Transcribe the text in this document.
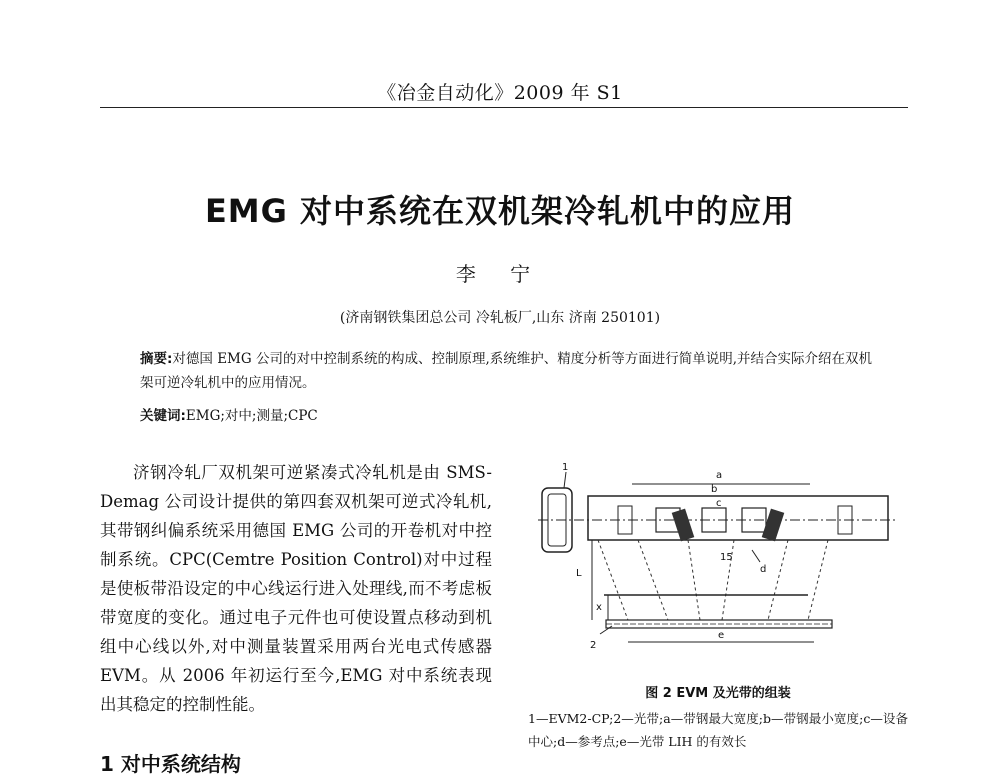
《冶金自动化》2009 年 S1
EMG 对中系统在双机架冷轧机中的应用
李 宁
(济南钢铁集团总公司 冷轧板厂,山东 济南 250101)
摘要:对德国 EMG 公司的对中控制系统的构成、控制原理,系统维护、精度分析等方面进行简单说明,并结合实际介绍在双机架可逆冷轧机中的应用情况。
关键词:EMG;对中;测量;CPC

济钢冷轧厂双机架可逆紧凑式冷轧机是由 SMS-Demag 公司设计提供的第四套双机架可逆式冷轧机,其带钢纠偏系统采用德国 EMG 公司的开卷机对中控制系统。CPC(Cemtre Position Control)对中过程是使板带沿设定的中心线运行进入处理线,而不考虑板带宽度的变化。通过电子元件也可使设置点移动到机组中心线以外,对中测量装置采用两台光电式传感器 EVM。从 2006 年初运行至今,EMG 对中系统表现出其稳定的控制性能。

1 对中系统结构
1
2
a
b
c
15
d
L
x
e
图 2 EVM 及光带的组装
1—EVM2-CP;2—光带;a—带钢最大宽度;b—带钢最小宽度;c—设备中心;d—参考点;e—光带 LIH 的有效长
